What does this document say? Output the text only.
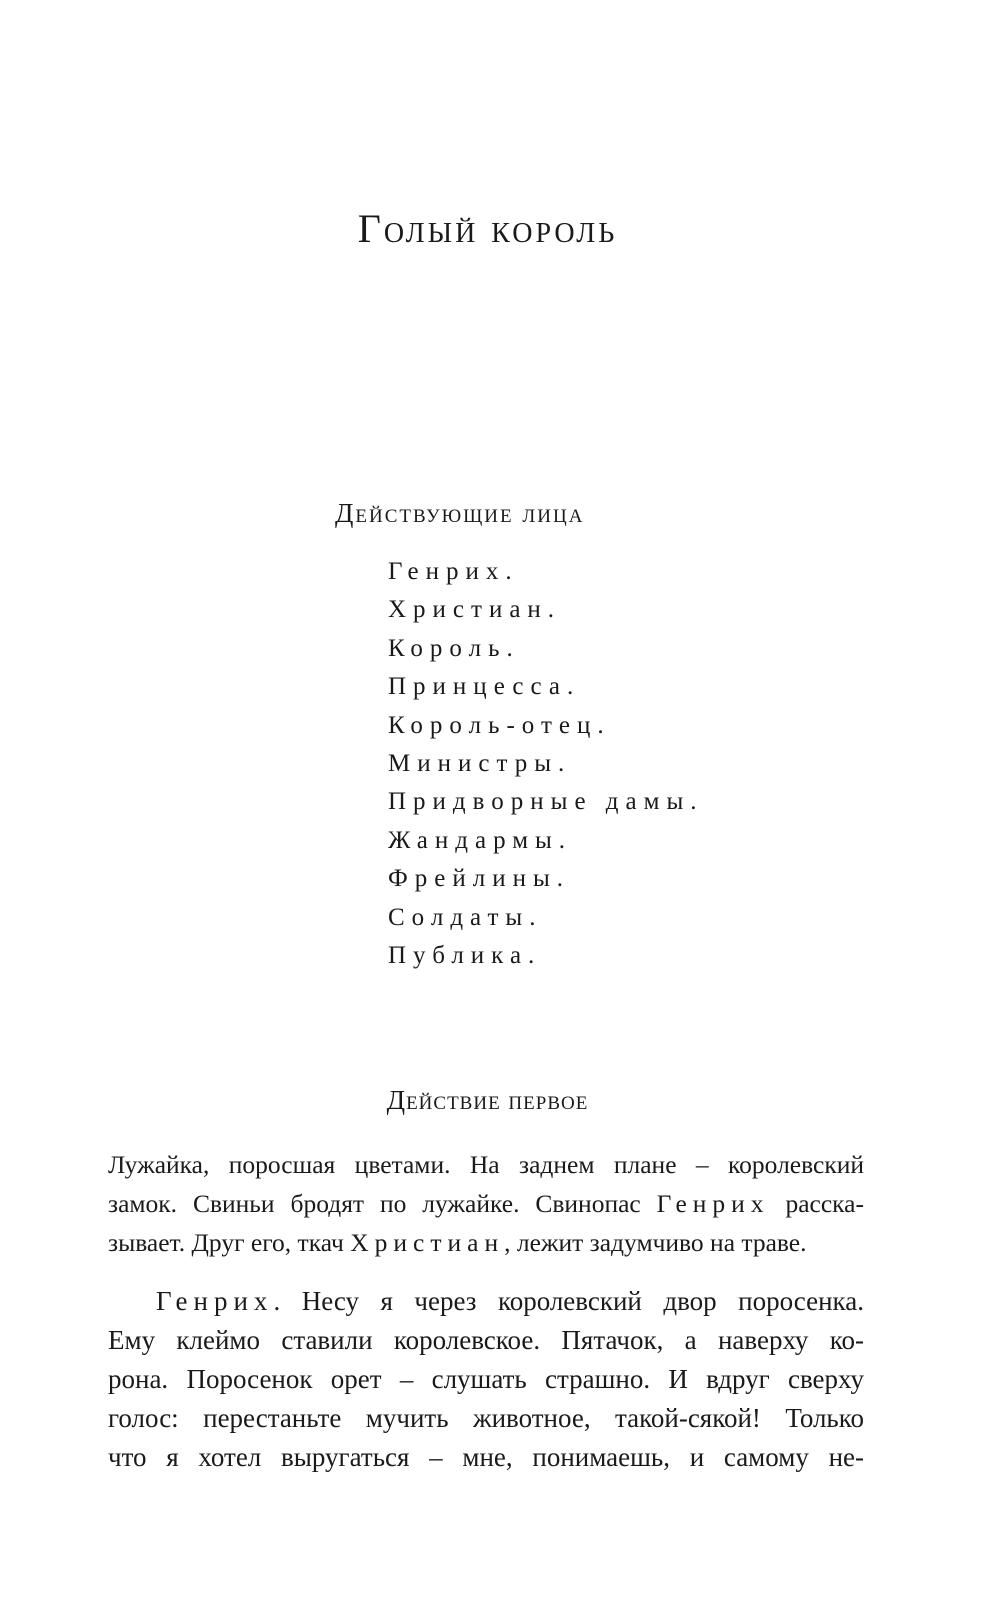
Голый король
Действующие лица
Генрих.
Христиан.
Король.
Принцесса.
Король-отец.
Министры.
Придворные дамы.
Жандармы.
Фрейлины.
Солдаты.
Публика.
Действие первое
Лужайка, поросшая цветами. На заднем плане – королевский
замок. Свиньи бродят по лужайке. Свинопас Генрих расска-
зывает. Друг его, ткач Христиан, лежит задумчиво на траве.
Генрих. Несу я через королевский двор поросенка.
Ему клеймо ставили королевское. Пятачок, а наверху ко-
рона. Поросенок орет – слушать страшно. И вдруг сверху
голос: перестаньте мучить животное, такой-сякой! Только
что я хотел выругаться – мне, понимаешь, и самому не-
